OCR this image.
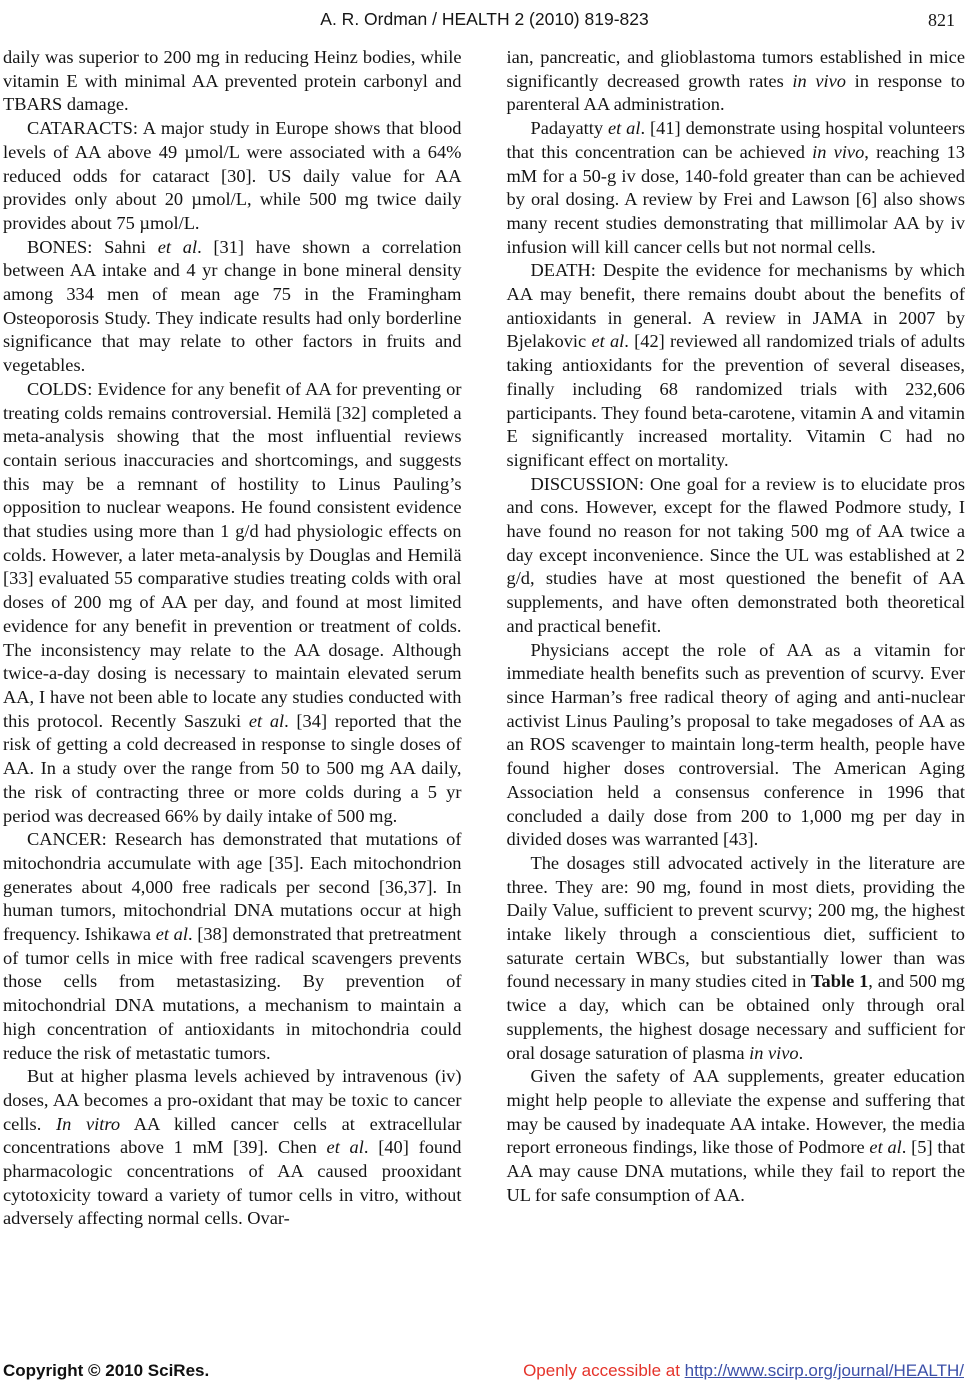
A. R. Ordman / HEALTH 2 (2010) 819-823	821

daily was superior to 200 mg in reducing Heinz bodies, while vitamin E with minimal AA prevented protein carbonyl and TBARS damage.

CATARACTS: A major study in Europe shows that blood levels of AA above 49 µmol/L were associated with a 64% reduced odds for cataract [30]. US daily value for AA provides only about 20 µmol/L, while 500 mg twice daily provides about 75 µmol/L.

BONES: Sahni et al. [31] have shown a correlation between AA intake and 4 yr change in bone mineral density among 334 men of mean age 75 in the Framingham Osteoporosis Study. They indicate results had only borderline significance that may relate to other factors in fruits and vegetables.

COLDS: Evidence for any benefit of AA for preventing or treating colds remains controversial. Hemilä [32] completed a meta-analysis showing that the most influential reviews contain serious inaccuracies and shortcomings, and suggests this may be a remnant of hostility to Linus Pauling’s opposition to nuclear weapons. He found consistent evidence that studies using more than 1 g/d had physiologic effects on colds. However, a later meta-analysis by Douglas and Hemilä [33] evaluated 55 comparative studies treating colds with oral doses of 200 mg of AA per day, and found at most limited evidence for any benefit in prevention or treatment of colds. The inconsistency may relate to the AA dosage. Although twice-a-day dosing is necessary to maintain elevated serum AA, I have not been able to locate any studies conducted with this protocol. Recently Saszuki et al. [34] reported that the risk of getting a cold decreased in response to single doses of AA. In a study over the range from 50 to 500 mg AA daily, the risk of contracting three or more colds during a 5 yr period was decreased 66% by daily intake of 500 mg.

CANCER: Research has demonstrated that mutations of mitochondria accumulate with age [35]. Each mitochondrion generates about 4,000 free radicals per second [36,37]. In human tumors, mitochondrial DNA mutations occur at high frequency. Ishikawa et al. [38] demonstrated that pretreatment of tumor cells in mice with free radical scavengers prevents those cells from metastasizing. By prevention of mitochondrial DNA mutations, a mechanism to maintain a high concentration of antioxidants in mitochondria could reduce the risk of metastatic tumors.

But at higher plasma levels achieved by intravenous (iv) doses, AA becomes a pro-oxidant that may be toxic to cancer cells. In vitro AA killed cancer cells at extracellular concentrations above 1 mM [39]. Chen et al. [40] found pharmacologic concentrations of AA caused prooxidant cytotoxicity toward a variety of tumor cells in vitro, without adversely affecting normal cells. Ovar-

ian, pancreatic, and glioblastoma tumors established in mice significantly decreased growth rates in vivo in response to parenteral AA administration.

Padayatty et al. [41] demonstrate using hospital volunteers that this concentration can be achieved in vivo, reaching 13 mM for a 50-g iv dose, 140-fold greater than can be achieved by oral dosing. A review by Frei and Lawson [6] also shows many recent studies demonstrating that millimolar AA by iv infusion will kill cancer cells but not normal cells.

DEATH: Despite the evidence for mechanisms by which AA may benefit, there remains doubt about the benefits of antioxidants in general. A review in JAMA in 2007 by Bjelakovic et al. [42] reviewed all randomized trials of adults taking antioxidants for the prevention of several diseases, finally including 68 randomized trials with 232,606 participants. They found beta-carotene, vitamin A and vitamin E significantly increased mortality. Vitamin C had no significant effect on mortality.

DISCUSSION: One goal for a review is to elucidate pros and cons. However, except for the flawed Podmore study, I have found no reason for not taking 500 mg of AA twice a day except inconvenience. Since the UL was established at 2 g/d, studies have at most questioned the benefit of AA supplements, and have often demonstrated both theoretical and practical benefit.

Physicians accept the role of AA as a vitamin for immediate health benefits such as prevention of scurvy. Ever since Harman’s free radical theory of aging and anti-nuclear activist Linus Pauling’s proposal to take megadoses of AA as an ROS scavenger to maintain long-term health, people have found higher doses controversial. The American Aging Association held a consensus conference in 1996 that concluded a daily dose from 200 to 1,000 mg per day in divided doses was warranted [43].

The dosages still advocated actively in the literature are three. They are: 90 mg, found in most diets, providing the Daily Value, sufficient to prevent scurvy; 200 mg, the highest intake likely through a conscientious diet, sufficient to saturate certain WBCs, but substantially lower than was found necessary in many studies cited in Table 1, and 500 mg twice a day, which can be obtained only through oral supplements, the highest dosage necessary and sufficient for oral dosage saturation of plasma in vivo.

Given the safety of AA supplements, greater education might help people to alleviate the expense and suffering that may be caused by inadequate AA intake. However, the media report erroneous findings, like those of Podmore et al. [5] that AA may cause DNA mutations, while they fail to report the UL for safe consumption of AA.

Copyright © 2010 SciRes.	Openly accessible at http://www.scirp.org/journal/HEALTH/
